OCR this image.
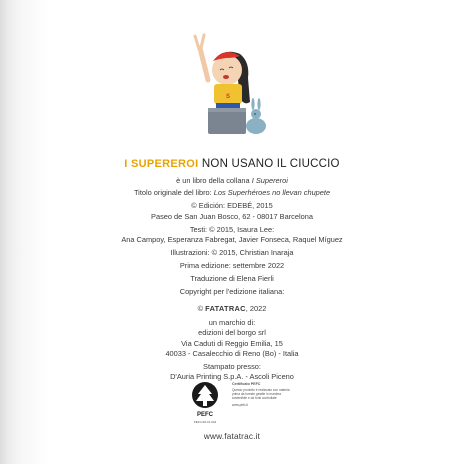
S
I SUPEREROI NON USANO IL CIUCCIO
è un libro della collana I Supereroi
Titolo originale del libro: Los Superhéroes no llevan chupete
© Edición: EDEBÉ, 2015
Paseo de San Juan Bosco, 62 - 08017 Barcelona
Testi: © 2015, Isaura Lee:
Ana Campoy, Esperanza Fabregat, Javier Fonseca, Raquel Míguez
Illustrazioni: © 2015, Christian Inaraja
Prima edizione: settembre 2022
Traduzione di Elena Fierli
Copyright per l'edizione italiana:
© FATATRAC, 2022
un marchio di:
edizioni del borgo srl
Via Caduti di Reggio Emilia, 15
40033 - Casalecchio di Reno (Bo) - Italia
Stampato presso:
D'Auria Printing S.p.A. - Ascoli Piceno
PEFC
PEFC/18-31-004
Certificato PEFC
Questo prodotto è realizzato con materia prima da foreste gestite in maniera sostenibile e da fonti controllate
www.pefc.it
www.fatatrac.it
